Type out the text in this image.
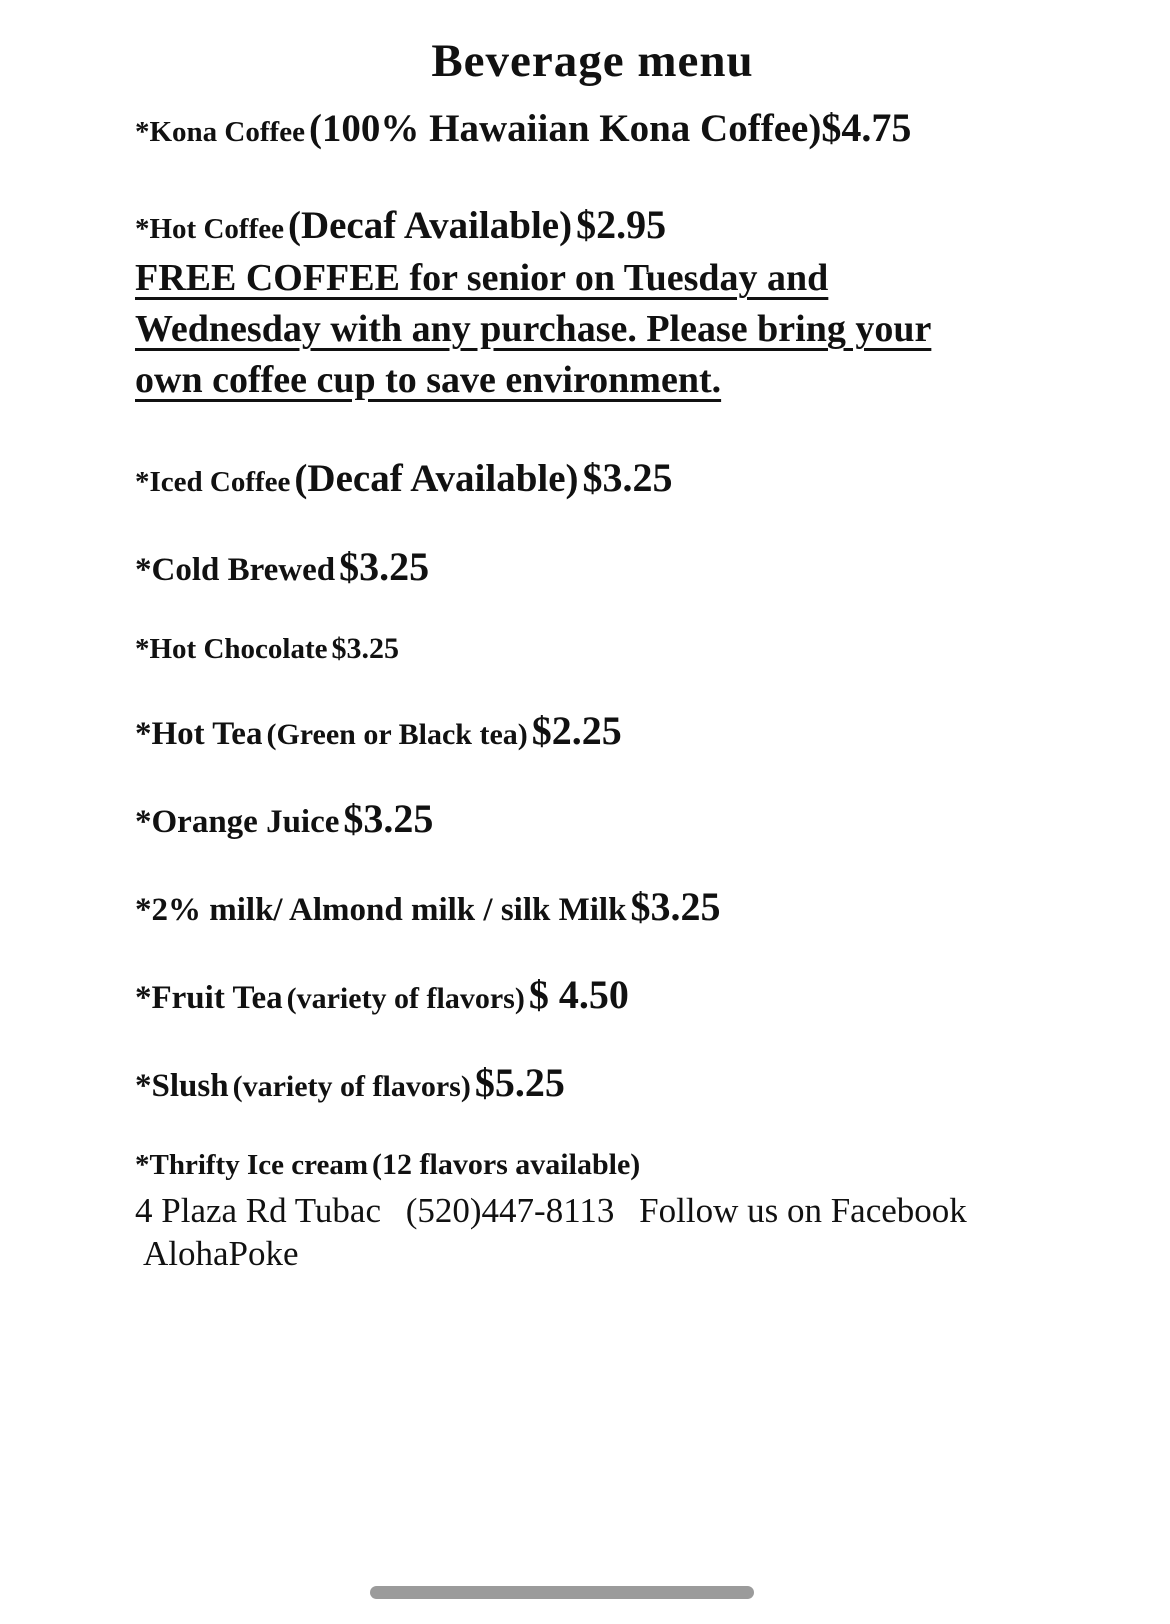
Beverage menu
*Kona Coffee (100% Hawaiian Kona Coffee)$4.75
*Hot Coffee (Decaf Available) $2.95
FREE COFFEE for senior on Tuesday and Wednesday with any purchase. Please bring your own coffee cup to save environment.
*Iced Coffee (Decaf Available) $3.25
*Cold Brewed $3.25
*Hot Chocolate $3.25
*Hot Tea (Green or Black tea) $2.25
*Orange Juice $3.25
*2% milk/ Almond milk / silk Milk $3.25
*Fruit Tea (variety of flavors) $ 4.50
*Slush (variety of flavors) $5.25
*Thrifty Ice cream (12 flavors available)
4 Plaza Rd Tubac (520)447-8113 Follow us on Facebook
AlohaPoke
